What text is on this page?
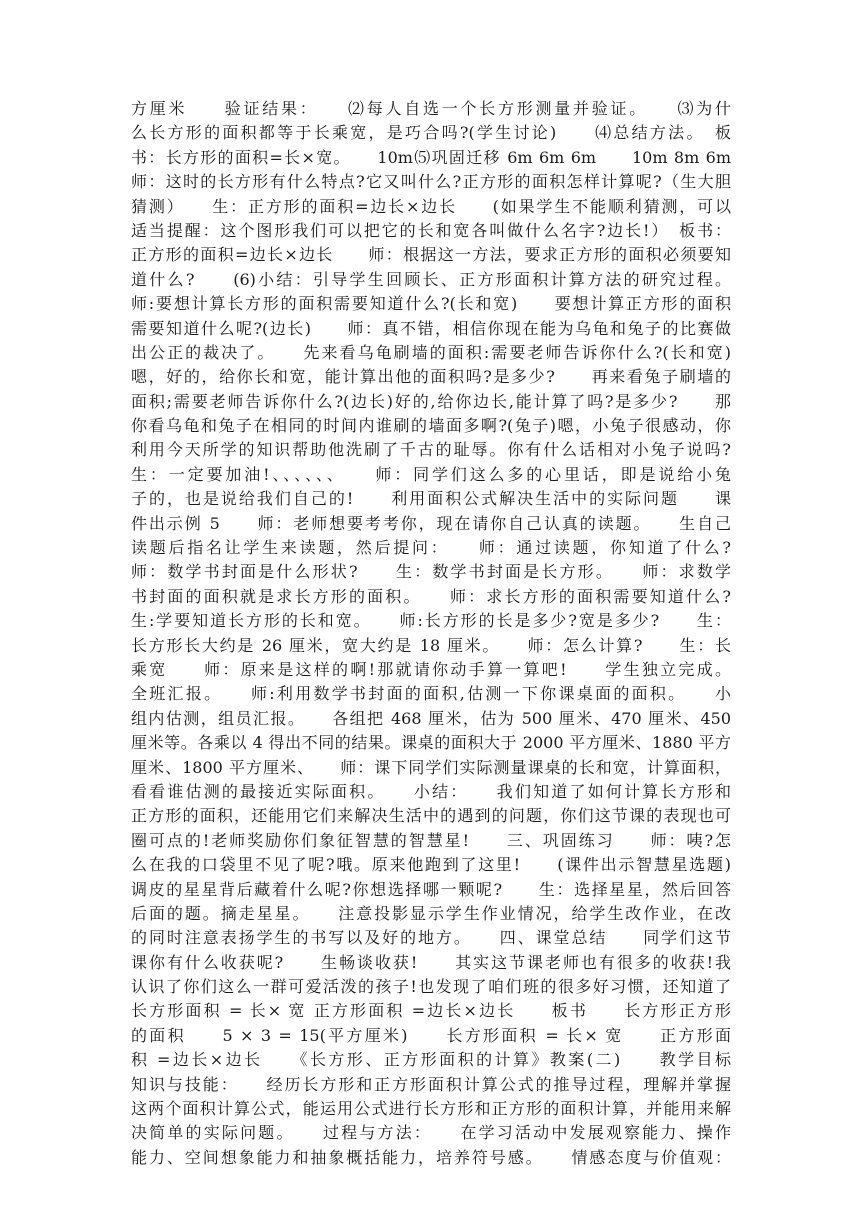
方厘米　　验证结果：　　⑵每人自选一个长方形测量并验证。　　⑶为什
么长方形的面积都等于长乘宽，是巧合吗?(学生讨论)　　⑷总结方法。　板
书：长方形的面积=长×宽。　　10m⑸巩固迁移 6m 6m 6m　　10m 8m 6m
师：这时的长方形有什么特点?它又叫什么?正方形的面积怎样计算呢?（生大胆
猜测）　　生：正方形的面积=边长×边长　　(如果学生不能顺利猜测，可以
适当提醒：这个图形我们可以把它的长和宽各叫做什么名字?边长!）　板书：
正方形的面积=边长×边长　　师：根据这一方法，要求正方形的面积必须要知
道什么?　　(6)小结：引导学生回顾长、正方形面积计算方法的研究过程。
师:要想计算长方形的面积需要知道什么?(长和宽)　　要想计算正方形的面积
需要知道什么呢?(边长)　　师：真不错，相信你现在能为乌龟和兔子的比赛做
出公正的裁决了。　　先来看乌龟刷墙的面积:需要老师告诉你什么?(长和宽)
嗯，好的，给你长和宽，能计算出他的面积吗?是多少?　　再来看兔子刷墙的
面积;需要老师告诉你什么?(边长)好的,给你边长,能计算了吗?是多少?　　那
你看乌龟和兔子在相同的时间内谁刷的墙面多啊?(兔子)嗯，小兔子很感动，你
利用今天所学的知识帮助他洗刷了千古的耻辱。你有什么话相对小兔子说吗?
生：一定要加油!、、、、、、　　师：同学们这么多的心里话，即是说给小兔
子的，也是说给我们自己的!　　利用面积公式解决生活中的实际问题　　课
件出示例 5　　师：老师想要考考你，现在请你自己认真的读题。　　生自己
读题后指名让学生来读题，然后提问：　　师：通过读题，你知道了什么?
师：数学书封面是什么形状?　　生：数学书封面是长方形。　　师：求数学
书封面的面积就是求长方形的面积。　　师：求长方形的面积需要知道什么?
生:学要知道长方形的长和宽。　　师:长方形的长是多少?宽是多少?　　生：
长方形长大约是 26 厘米，宽大约是 18 厘米。　　师：怎么计算?　　生：长
乘宽　　师：原来是这样的啊!那就请你动手算一算吧!　　学生独立完成。
全班汇报。　　师:利用数学书封面的面积,估测一下你课桌面的面积。　　小
组内估测，组员汇报。　　各组把 468 厘米，估为 500 厘米、470 厘米、450
厘米等。各乘以 4 得出不同的结果。课桌的面积大于 2000 平方厘米、1880 平方
厘米、1800 平方厘米、　　师：课下同学们实际测量课桌的长和宽，计算面积，
看看谁估测的最接近实际面积。　　小结：　　我们知道了如何计算长方形和
正方形的面积，还能用它们来解决生活中的遇到的问题，你们这节课的表现也可
圈可点的!老师奖励你们象征智慧的智慧星!　　三、巩固练习　　师：咦?怎
么在我的口袋里不见了呢?哦。原来他跑到了这里!　　(课件出示智慧星选题)
调皮的星星背后藏着什么呢?你想选择哪一颗呢?　　生：选择星星，然后回答
后面的题。摘走星星。　　注意投影显示学生作业情况，给学生改作业，在改
的同时注意表扬学生的书写以及好的地方。　　四、课堂总结　　同学们这节
课你有什么收获呢?　　生畅谈收获!　　其实这节课老师也有很多的收获!我
认识了你们这么一群可爱活泼的孩子!也发现了咱们班的很多好习惯，还知道了
长方形面积 = 长× 宽 正方形面积 =边长×边长　　板书　　长方形正方形
的面积　　5 × 3 = 15(平方厘米)　　长方形面积 = 长× 宽　　正方形面
积 =边长×边长　　《长方形、正方形面积的计算》教案(二)　　教学目标
知识与技能：　　经历长方形和正方形面积计算公式的推导过程，理解并掌握
这两个面积计算公式，能运用公式进行长方形和正方形的面积计算，并能用来解
决简单的实际问题。　　过程与方法：　　在学习活动中发展观察能力、操作
能力、空间想象能力和抽象概括能力，培养符号感。　　情感态度与价值观：
